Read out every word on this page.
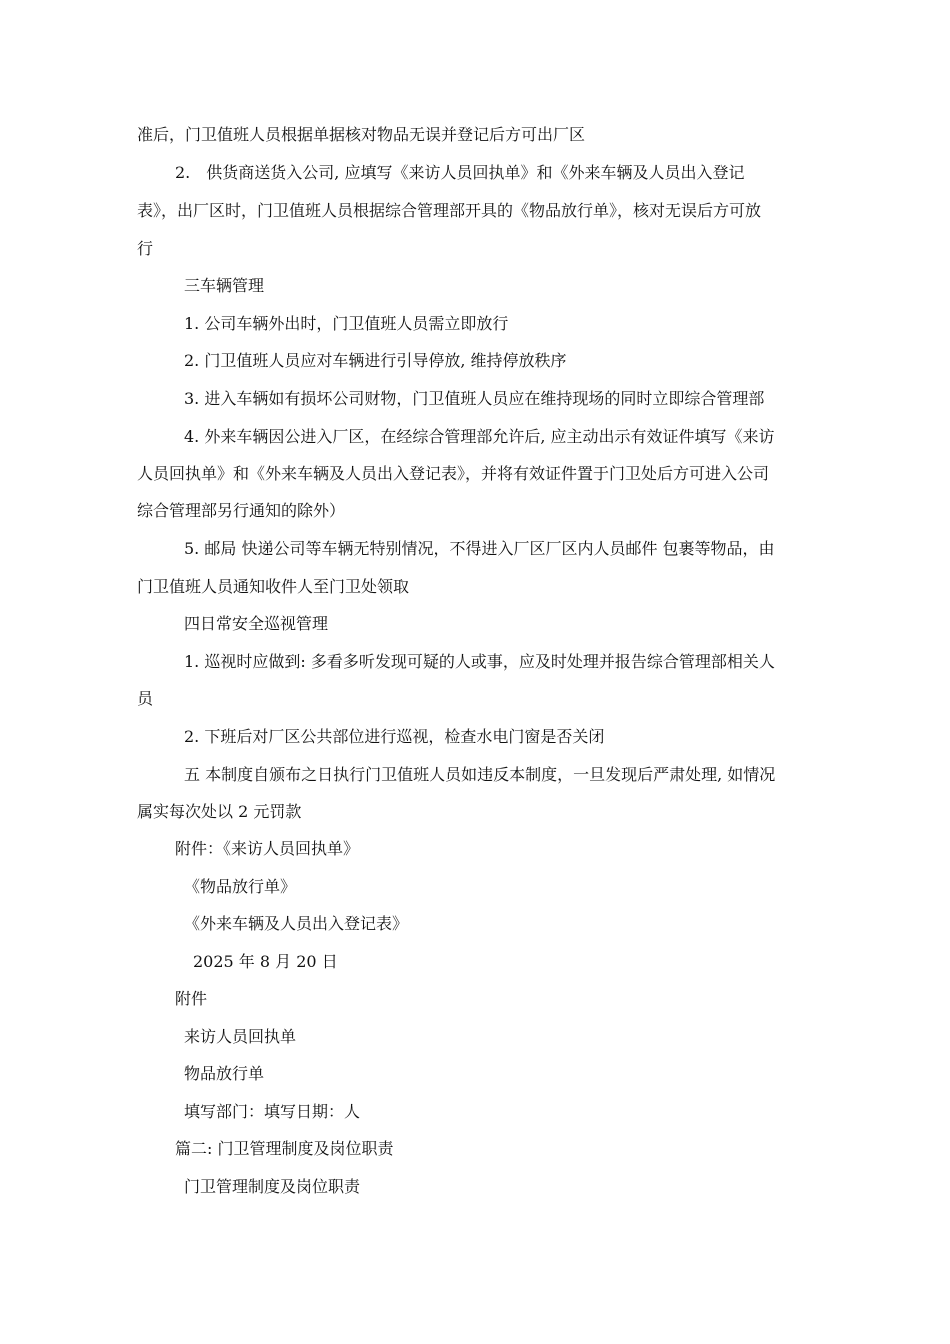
准后，门卫值班人员根据单据核对物品无误并登记后方可出厂区
2.　供货商送货入公司, 应填写《来访人员回执单》和《外来车辆及人员出入登记
表》，出厂区时，门卫值班人员根据综合管理部开具的《物品放行单》，核对无误后方可放
行
三车辆管理
1. 公司车辆外出时，门卫值班人员需立即放行
2. 门卫值班人员应对车辆进行引导停放, 维持停放秩序
3. 进入车辆如有损坏公司财物，门卫值班人员应在维持现场的同时立即综合管理部
4. 外来车辆因公进入厂区，在经综合管理部允许后, 应主动出示有效证件填写《来访
人员回执单》和《外来车辆及人员出入登记表》，并将有效证件置于门卫处后方可进入公司
综合管理部另行通知的除外）
5. 邮局 快递公司等车辆无特别情况，不得进入厂区厂区内人员邮件 包裹等物品，由
门卫值班人员通知收件人至门卫处领取
四日常安全巡视管理
1. 巡视时应做到: 多看多听发现可疑的人或事，应及时处理并报告综合管理部相关人
员
2. 下班后对厂区公共部位进行巡视，检查水电门窗是否关闭
五 本制度自颁布之日执行门卫值班人员如违反本制度，一旦发现后严肃处理, 如情况
属实每次处以 2 元罚款
附件：《来访人员回执单》
《物品放行单》
《外来车辆及人员出入登记表》
2025 年 8 月 20 日
附件
来访人员回执单
物品放行单
填写部门：填写日期：人
篇二: 门卫管理制度及岗位职责
门卫管理制度及岗位职责
